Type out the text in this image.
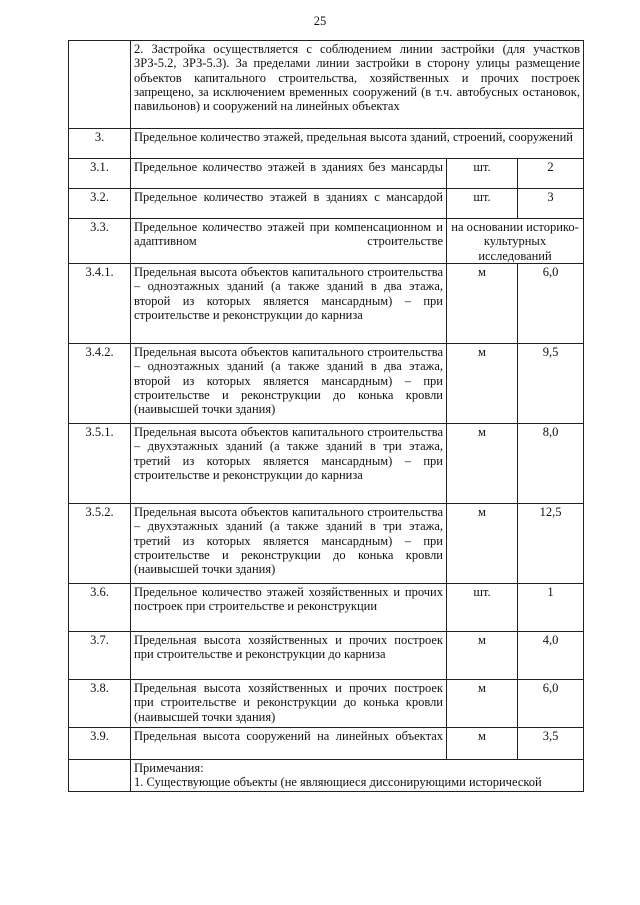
25
	2. Застройка осуществляется с соблюдением линии застройки (для участков ЗРЗ-5.2, ЗРЗ-5.3). За пределами линии застройки в сторону улицы размещение объектов капитального строительства, хозяйственных и прочих построек запрещено, за исключением временных сооружений (в т.ч. автобусных остановок, павильонов) и сооружений на линейных объектах		
3.	Предельное количество этажей, предельная высота зданий, строений, сооружений		
3.1.	Предельное количество этажей в зданиях без мансарды	шт.	2
3.2.	Предельное количество этажей в зданиях с мансардой	шт.	3
3.3.	Предельное количество этажей при компенсационном и адаптивном строительстве	на основании историко-культурных исследований	
3.4.1.	Предельная высота объектов капитального строительства – одноэтажных зданий (а также зданий в два этажа, второй из которых является мансардным) – при строительстве и реконструкции до карниза	м	6,0
3.4.2.	Предельная высота объектов капитального строительства – одноэтажных зданий (а также зданий в два этажа, второй из которых является мансардным) – при строительстве и реконструкции до конька кровли (наивысшей точки здания)	м	9,5
3.5.1.	Предельная высота объектов капитального строительства – двухэтажных зданий (а также зданий в три этажа, третий из которых является мансардным) – при строительстве и реконструкции до карниза	м	8,0
3.5.2.	Предельная высота объектов капитального строительства – двухэтажных зданий (а также зданий в три этажа, третий из которых является мансардным) – при строительстве и реконструкции до конька кровли (наивысшей точки здания)	м	12,5
3.6.	Предельное количество этажей хозяйственных и прочих построек при строительстве и реконструкции	шт.	1
3.7.	Предельная высота хозяйственных и прочих построек при строительстве и реконструкции до карниза	м	4,0
3.8.	Предельная высота хозяйственных и прочих построек при строительстве и реконструкции до конька кровли (наивысшей точки здания)	м	6,0
3.9.	Предельная высота сооружений на линейных объектах	м	3,5

	Примечания:
1. Существующие объекты (не являющиеся диссонирующими исторической		
